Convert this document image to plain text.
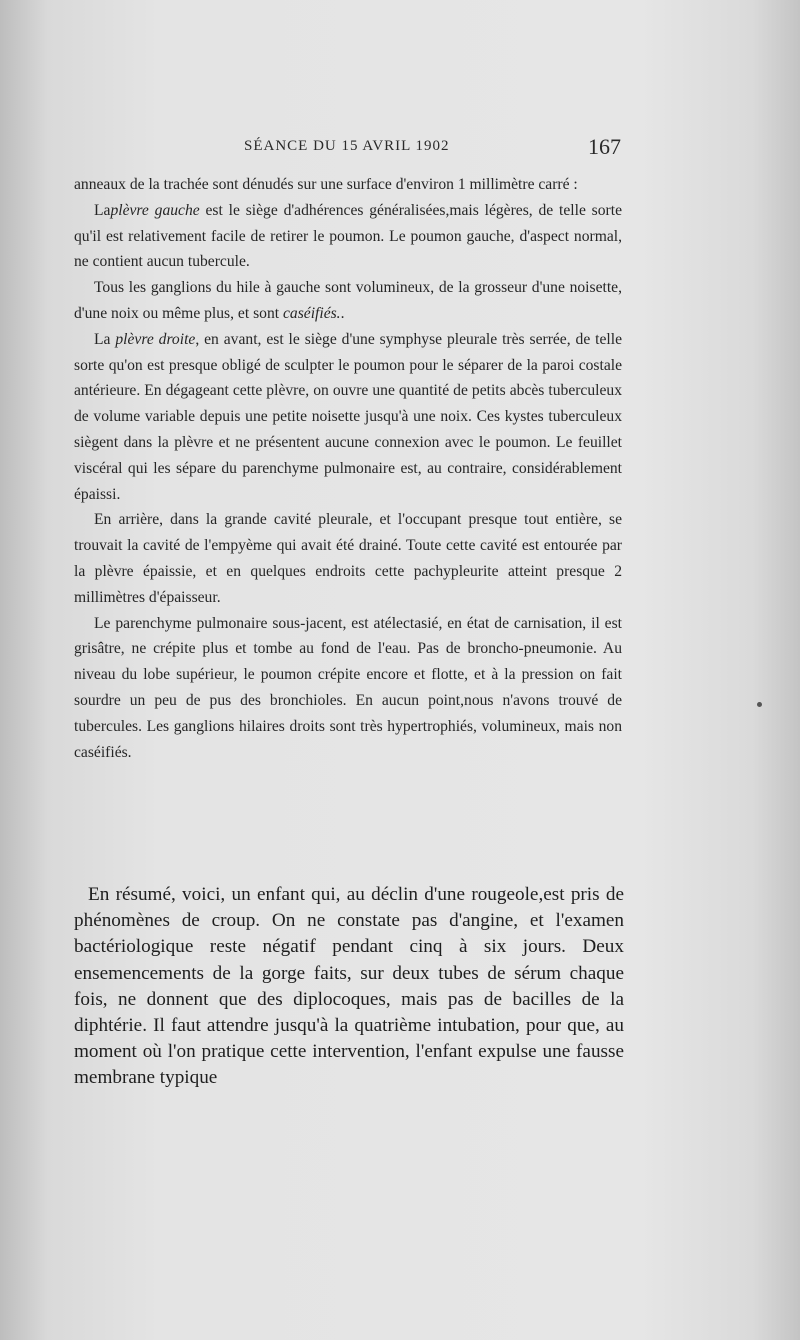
SÉANCE DU 15 AVRIL 1902	167

anneaux de la trachée sont dénudés sur une surface d'environ 1 millimètre carré :

Laplèvre gauche est le siège d'adhérences généralisées,mais légères, de telle sorte qu'il est relativement facile de retirer le poumon. Le poumon gauche, d'aspect normal, ne contient aucun tubercule.

Tous les ganglions du hile à gauche sont volumineux, de la grosseur d'une noisette, d'une noix ou même plus, et sont caséifiés..

La plèvre droite, en avant, est le siège d'une symphyse pleurale très serrée, de telle sorte qu'on est presque obligé de sculpter le poumon pour le séparer de la paroi costale antérieure. En dégageant cette plèvre, on ouvre une quantité de petits abcès tuberculeux de volume variable depuis une petite noisette jusqu'à une noix. Ces kystes tuberculeux siègent dans la plèvre et ne présentent aucune connexion avec le poumon. Le feuillet viscéral qui les sépare du parenchyme pulmonaire est, au contraire, considérablement épaissi.

En arrière, dans la grande cavité pleurale, et l'occupant presque tout entière, se trouvait la cavité de l'empyème qui avait été drainé. Toute cette cavité est entourée par la plèvre épaissie, et en quelques endroits cette pachypleurite atteint presque 2 millimètres d'épaisseur.

Le parenchyme pulmonaire sous-jacent, est atélectasié, en état de carnisation, il est grisâtre, ne crépite plus et tombe au fond de l'eau. Pas de broncho-pneumonie. Au niveau du lobe supérieur, le poumon crépite encore et flotte, et à la pression on fait sourdre un peu de pus des bronchioles. En aucun point,nous n'avons trouvé de tubercules. Les ganglions hilaires droits sont très hypertrophiés, volumineux, mais non caséifiés.

En résumé, voici, un enfant qui, au déclin d'une rougeole,est pris de phénomènes de croup. On ne constate pas d'angine, et l'examen bactériologique reste négatif pendant cinq à six jours. Deux ensemencements de la gorge faits, sur deux tubes de sérum chaque fois, ne donnent que des diplocoques, mais pas de bacilles de la diphtérie. Il faut attendre jusqu'à la quatrième intubation, pour que, au moment où l'on pratique cette intervention, l'enfant expulse une fausse membrane typique
